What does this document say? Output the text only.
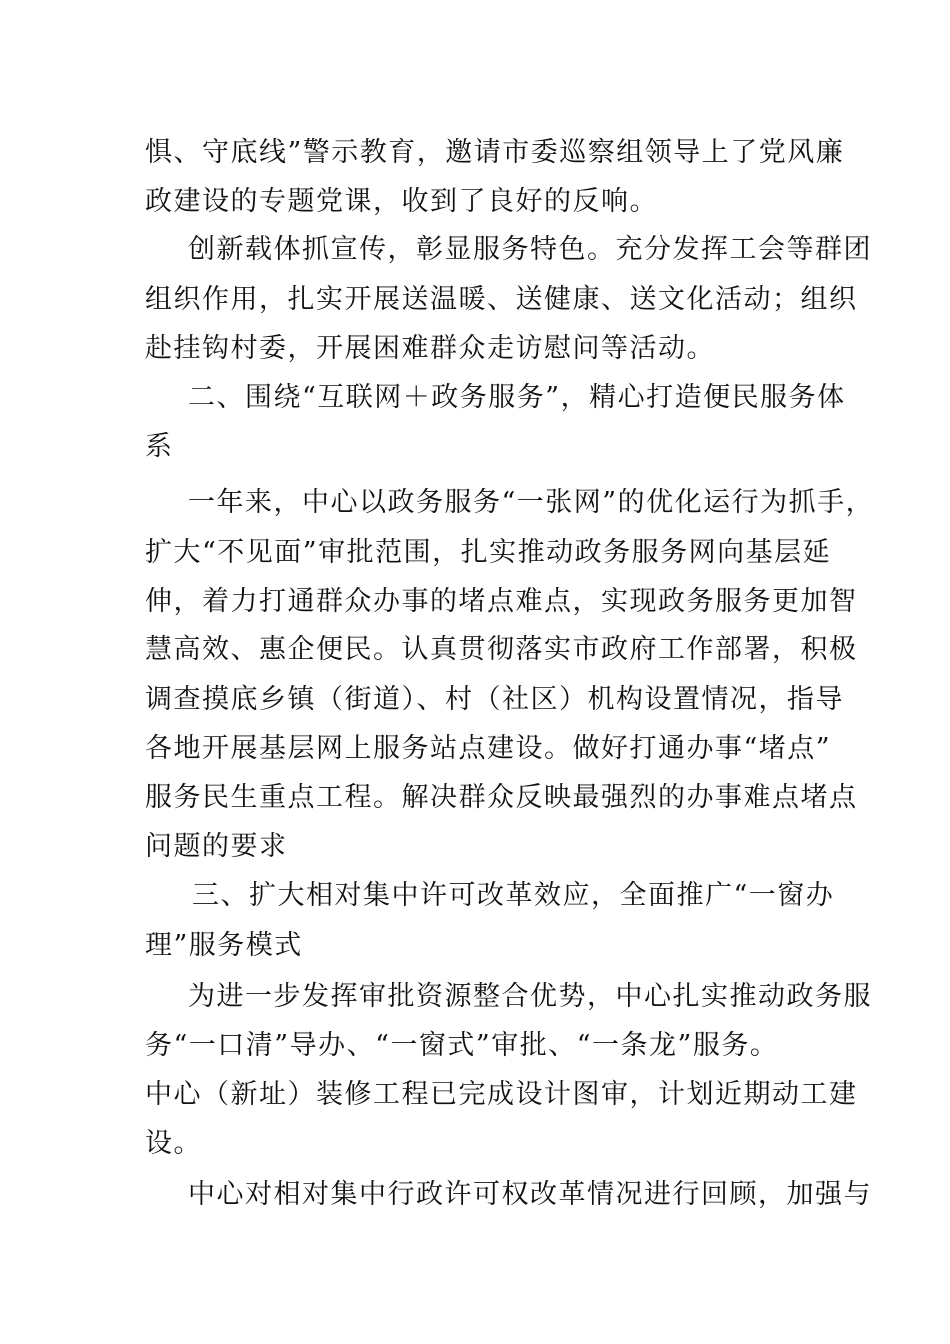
惧、守底线”警示教育，邀请市委巡察组领导上了党风廉
政建设的专题党课，收到了良好的反响。
创新载体抓宣传，彰显服务特色。充分发挥工会等群团
组织作用，扎实开展送温暖、送健康、送文化活动；组织
赴挂钩村委，开展困难群众走访慰问等活动。
二、围绕“互联网＋政务服务”，精心打造便民服务体
系
一年来，中心以政务服务“一张网”的优化运行为抓手，
扩大“不见面”审批范围，扎实推动政务服务网向基层延
伸，着力打通群众办事的堵点难点，实现政务服务更加智
慧高效、惠企便民。认真贯彻落实市政府工作部署，积极
调查摸底乡镇（街道）、村（社区）机构设置情况，指导
各地开展基层网上服务站点建设。做好打通办事“堵点”
服务民生重点工程。解决群众反映最强烈的办事难点堵点
问题的要求
三、扩大相对集中许可改革效应，全面推广“一窗办
理”服务模式
为进一步发挥审批资源整合优势，中心扎实推动政务服
务“一口清”导办、“一窗式”审批、“一条龙”服务。
中心（新址）装修工程已完成设计图审，计划近期动工建
设。
中心对相对集中行政许可权改革情况进行回顾，加强与
